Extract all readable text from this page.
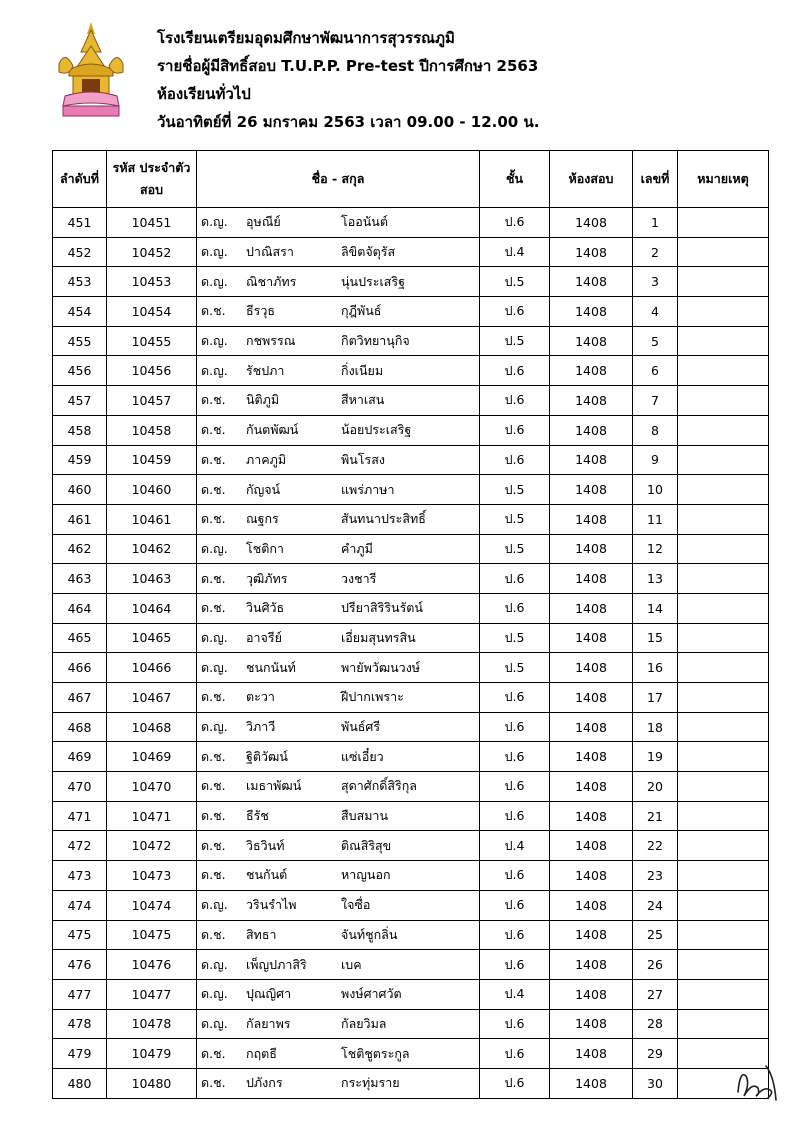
โรงเรียนเตรียมอุดมศึกษาพัฒนาการสุวรรณภูมิ
รายชื่อผู้มีสิทธิ์สอบ T.U.P.P. Pre-test ปีการศึกษา 2563
ห้องเรียนทั่วไป
วันอาทิตย์ที่ 26 มกราคม 2563 เวลา 09.00 - 12.00 น.
ลำดับที่	รหัส ประจำตัวสอบ	ชื่อ - สกุล	ชั้น	ห้องสอบ	เลขที่	หมายเหตุ
451	10451	ด.ญ. อุษณีย์ โออนันต์	ป.6	1408	1	
452	10452	ด.ญ. ปาณิสรา ลิขิตจัตุรัส	ป.4	1408	2	
453	10453	ด.ญ. ณิชาภัทร นุ่นประเสริฐ	ป.5	1408	3	
454	10454	ด.ช. ธีรวุธ กุฎีพันธ์	ป.6	1408	4	
455	10455	ด.ญ. กชพรรณ กิตวิทยานุกิจ	ป.5	1408	5	
456	10456	ด.ญ. รัชปภา กิ่งเนียม	ป.6	1408	6	
457	10457	ด.ช. นิติภูมิ สีหาเสน	ป.6	1408	7	
458	10458	ด.ช. กันตพัฒน์ น้อยประเสริฐ	ป.6	1408	8	
459	10459	ด.ช. ภาคภูมิ พินโรสง	ป.6	1408	9	
460	10460	ด.ช. กัญจน์ แพร่ภาษา	ป.5	1408	10	
461	10461	ด.ช. ณฐกร สันทนาประสิทธิ์	ป.5	1408	11	
462	10462	ด.ญ. โชติกา คำภูมี	ป.5	1408	12	
463	10463	ด.ช. วุฒิภัทร วงชารี	ป.6	1408	13	
464	10464	ด.ช. วินศิวัธ ปรียาสิริรินรัตน์	ป.6	1408	14	
465	10465	ด.ญ. อาจรีย์ เอี่ยมสุนทรสิน	ป.5	1408	15	
466	10466	ด.ญ. ชนกนันท์ พายัพวัฒนวงษ์	ป.5	1408	16	
467	10467	ด.ช. ตะวา ฝีปากเพราะ	ป.6	1408	17	
468	10468	ด.ญ. วิภาวี พันธ์ศรี	ป.6	1408	18	
469	10469	ด.ช. ฐิติวัฒน์ แซ่เอี๋ยว	ป.6	1408	19	
470	10470	ด.ช. เมธาพัฒน์ สุดาศักดิ์สิริกุล	ป.6	1408	20	
471	10471	ด.ช. ธีรัช สืบสมาน	ป.6	1408	21	
472	10472	ด.ช. วิธวินท์ ติณสิริสุข	ป.4	1408	22	
473	10473	ด.ช. ชนกันต์ หาญนอก	ป.6	1408	23	
474	10474	ด.ญ. วรินรำไพ ใจซื่อ	ป.6	1408	24	
475	10475	ด.ช. สิทธา จันท์ชูกลิ่น	ป.6	1408	25	
476	10476	ด.ญ. เพ็ญปภาสิริ เบค	ป.6	1408	26	
477	10477	ด.ญ. ปุณญิศา พงษ์ศาศวัต	ป.4	1408	27	
478	10478	ด.ญ. กัลยาพร กัลยวิมล	ป.6	1408	28	
479	10479	ด.ช. กฤตธี โชติชูตระกูล	ป.6	1408	29	
480	10480	ด.ช. ปภังกร กระทุ่มราย	ป.6	1408	30	
